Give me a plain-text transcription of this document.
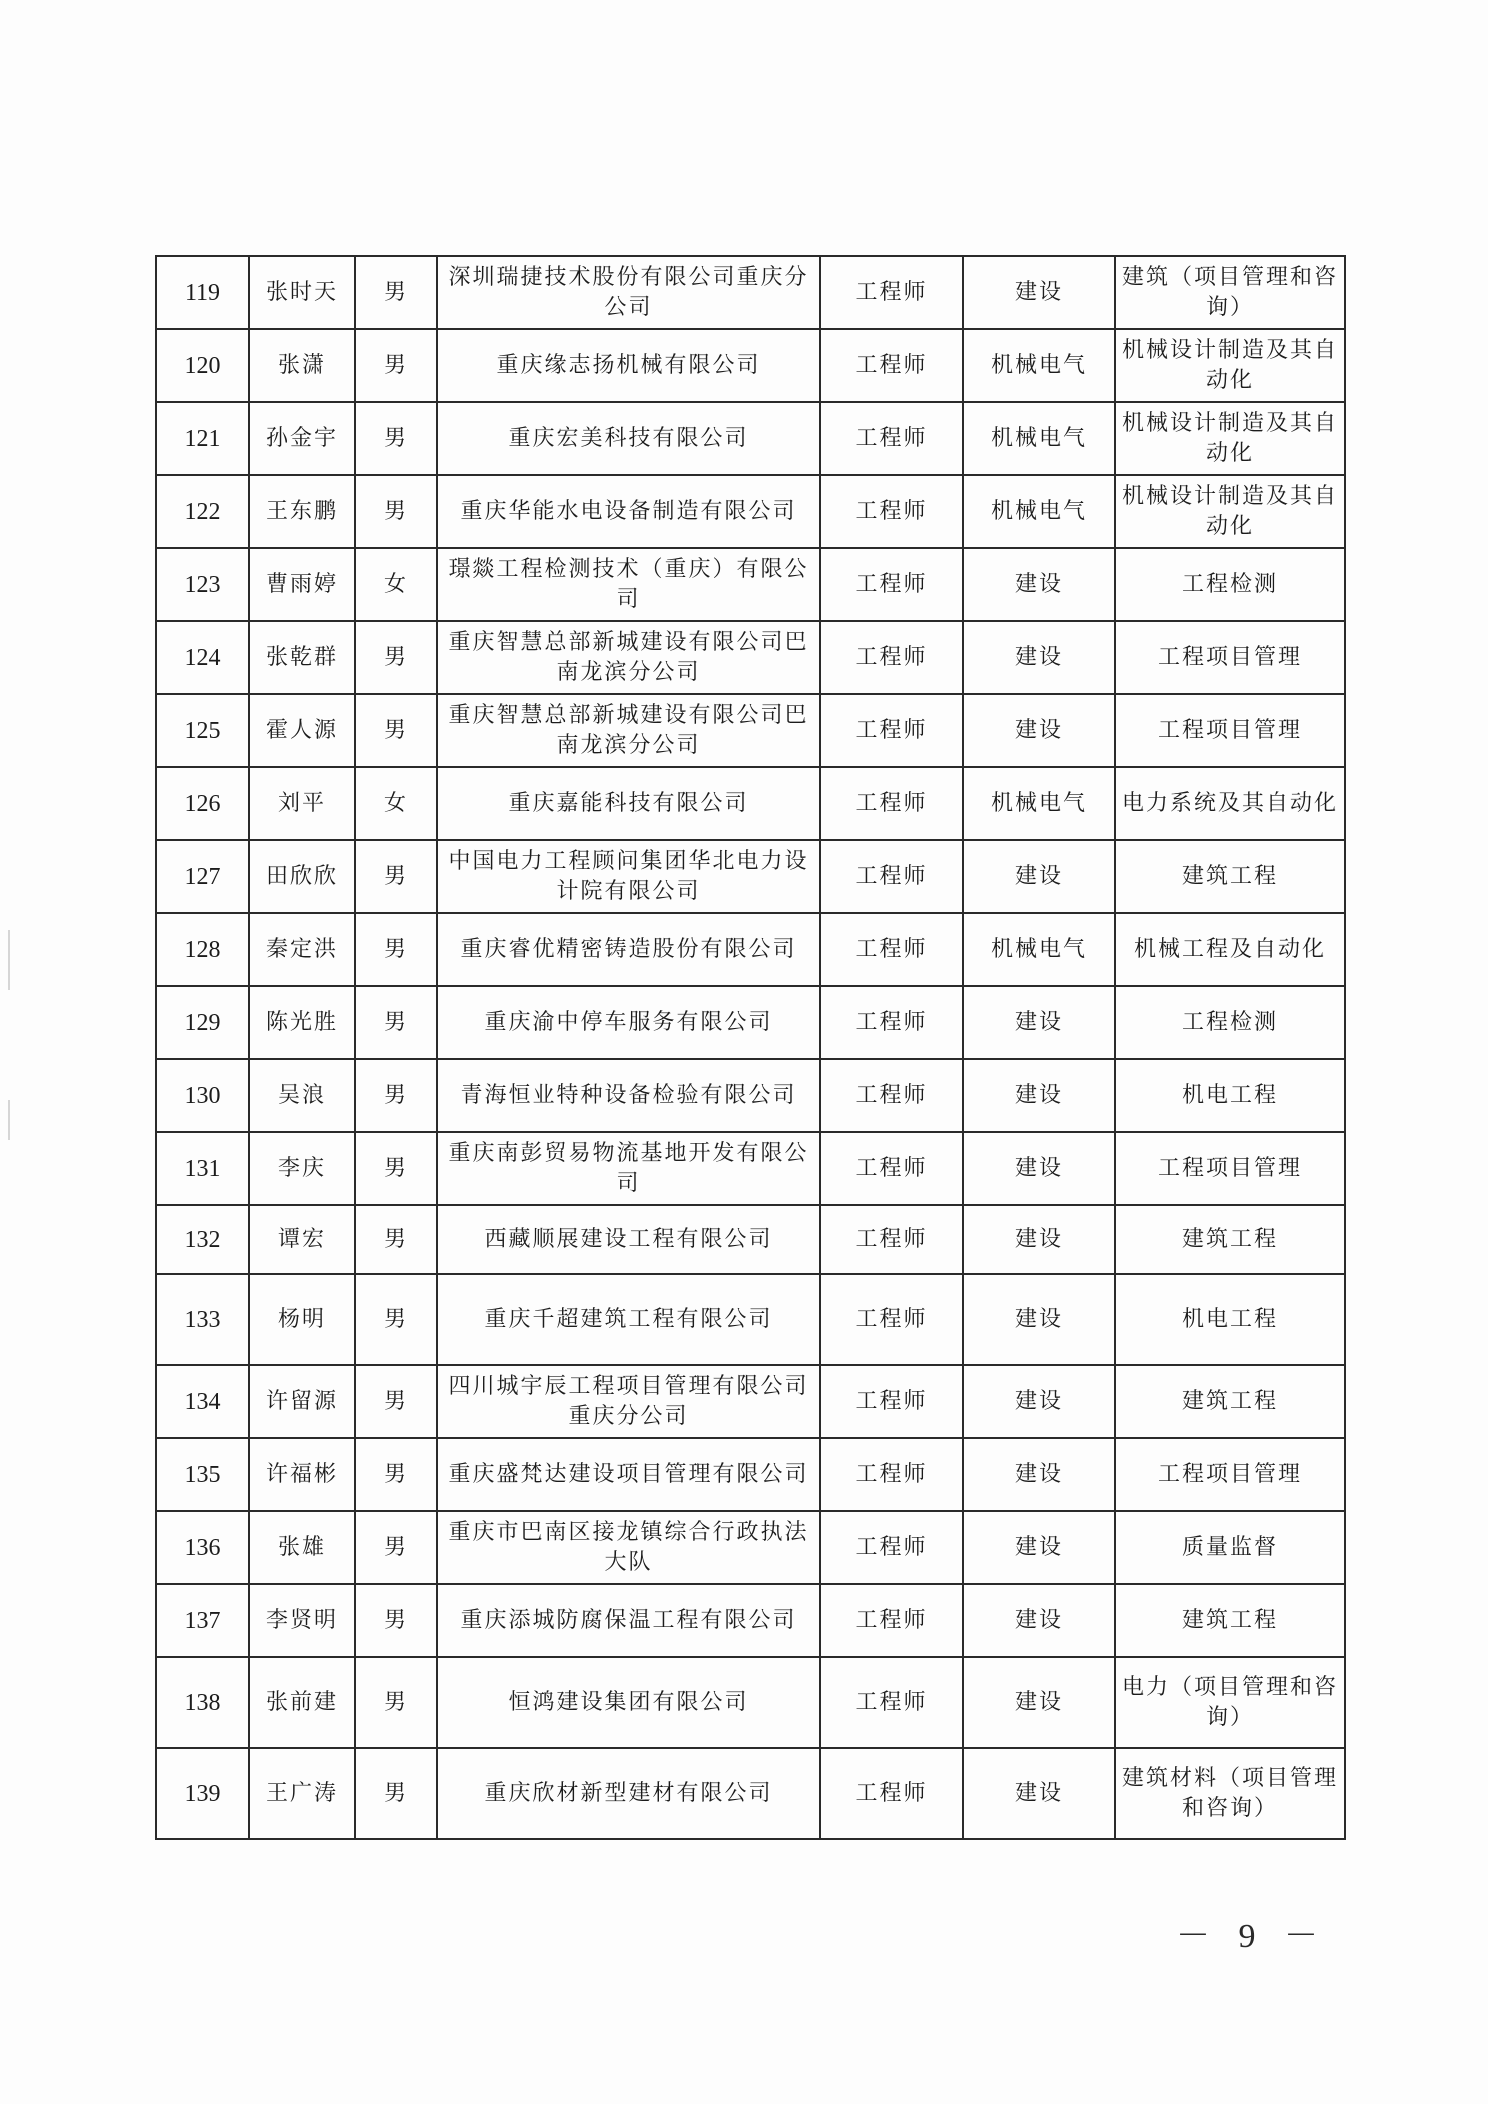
119	张时天	男	深圳瑞捷技术股份有限公司重庆分公司	工程师	建设	建筑（项目管理和咨询）
120	张潇	男	重庆缘志扬机械有限公司	工程师	机械电气	机械设计制造及其自动化
121	孙金宇	男	重庆宏美科技有限公司	工程师	机械电气	机械设计制造及其自动化
122	王东鹏	男	重庆华能水电设备制造有限公司	工程师	机械电气	机械设计制造及其自动化
123	曹雨婷	女	璟燚工程检测技术（重庆）有限公司	工程师	建设	工程检测
124	张乾群	男	重庆智慧总部新城建设有限公司巴南龙滨分公司	工程师	建设	工程项目管理
125	霍人源	男	重庆智慧总部新城建设有限公司巴南龙滨分公司	工程师	建设	工程项目管理
126	刘平	女	重庆嘉能科技有限公司	工程师	机械电气	电力系统及其自动化
127	田欣欣	男	中国电力工程顾问集团华北电力设计院有限公司	工程师	建设	建筑工程
128	秦定洪	男	重庆睿优精密铸造股份有限公司	工程师	机械电气	机械工程及自动化
129	陈光胜	男	重庆渝中停车服务有限公司	工程师	建设	工程检测
130	吴浪	男	青海恒业特种设备检验有限公司	工程师	建设	机电工程
131	李庆	男	重庆南彭贸易物流基地开发有限公司	工程师	建设	工程项目管理
132	谭宏	男	西藏顺展建设工程有限公司	工程师	建设	建筑工程
133	杨明	男	重庆千超建筑工程有限公司	工程师	建设	机电工程
134	许留源	男	四川城宇辰工程项目管理有限公司重庆分公司	工程师	建设	建筑工程
135	许福彬	男	重庆盛梵达建设项目管理有限公司	工程师	建设	工程项目管理
136	张雄	男	重庆市巴南区接龙镇综合行政执法大队	工程师	建设	质量监督
137	李贤明	男	重庆添城防腐保温工程有限公司	工程师	建设	建筑工程
138	张前建	男	恒鸿建设集团有限公司	工程师	建设	电力（项目管理和咨询）
139	王广涛	男	重庆欣材新型建材有限公司	工程师	建设	建筑材料（项目管理和咨询）
－ 9 －
